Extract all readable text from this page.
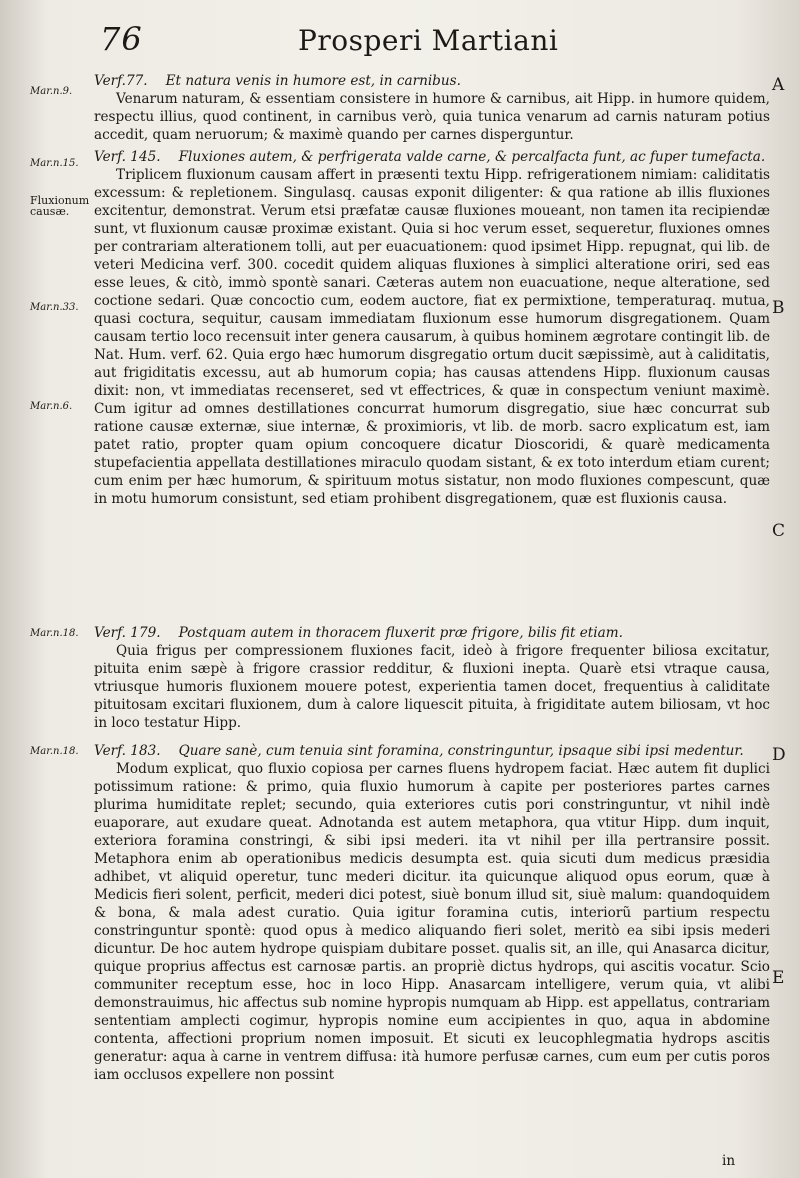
76	Prosperi Martiani
Mar.n.9.
Mar.n.15.
Fluxionum causæ.
Mar.n.33.
Mar.n.6.
Mar.n.18.
Mar.n.18.
A
B
C
D
E
Verf.77. Et natura venis in humore est, in carnibus.

Venarum naturam, & essentiam consistere in humore & carnibus, ait Hipp. in humore quidem, respectu illius, quod continent, in carnibus verò, quia tunica venarum ad carnis naturam potius accedit, quam neruorum; & maximè quando per carnes disperguntur.

Verf. 145. Fluxiones autem, & perfrigerata valde carne, & percalfacta funt, ac fuper tumefacta.

Triplicem fluxionum causam affert in præsenti textu Hipp. refrigerationem nimiam: caliditatis excessum: & repletionem. Singulasq. causas exponit diligenter: & qua ratione ab illis fluxiones excitentur, demonstrat. Verum etsi præfatæ causæ fluxiones moueant, non tamen ita recipiendæ sunt, vt fluxionum causæ proximæ existant. Quia si hoc verum esset, sequeretur, fluxiones omnes per contrariam alterationem tolli, aut per euacuationem: quod ipsimet Hipp. repugnat, qui lib. de veteri Medicina verf. 300. cocedit quidem aliquas fluxiones à simplici alteratione oriri, sed eas esse leues, & citò, immò spontè sanari. Cæteras autem non euacuatione, neque alteratione, sed coctione sedari. Quæ concoctio cum, eodem auctore, fiat ex permixtione, temperaturaq. mutua, quasi coctura, sequitur, causam immediatam fluxionum esse humorum disgregationem. Quam causam tertio loco recensuit inter genera causarum, à quibus hominem ægrotare contingit lib. de Nat. Hum. verf. 62. Quia ergo hæc humorum disgregatio ortum ducit sæpissimè, aut à caliditatis, aut frigiditatis excessu, aut ab humorum copia; has causas attendens Hipp. fluxionum causas dixit: non, vt immediatas recenseret, sed vt effectrices, & quæ in conspectum veniunt maximè. Cum igitur ad omnes destillationes concurrat humorum disgregatio, siue hæc concurrat sub ratione causæ externæ, siue internæ, & proximioris, vt lib. de morb. sacro explicatum est, iam patet ratio, propter quam opium concoquere dicatur Dioscoridi, & quarè medicamenta stupefacientia appellata destillationes miraculo quodam sistant, & ex toto interdum etiam curent; cum enim per hæc humorum, & spirituum motus sistatur, non modo fluxiones compescunt, quæ in motu humorum consistunt, sed etiam prohibent disgregationem, quæ est fluxionis causa.

Verf. 179. Postquam autem in thoracem fluxerit præ frigore, bilis fit etiam.

Quia frigus per compressionem fluxiones facit, ideò à frigore frequenter biliosa excitatur, pituita enim sæpè à frigore crassior redditur, & fluxioni inepta. Quarè etsi vtraque causa, vtriusque humoris fluxionem mouere potest, experientia tamen docet, frequentius à caliditate pituitosam excitari fluxionem, dum à calore liquescit pituita, à frigiditate autem biliosam, vt hoc in loco testatur Hipp.

Verf. 183. Quare sanè, cum tenuia sint foramina, constringuntur, ipsaque sibi ipsi medentur.

Modum explicat, quo fluxio copiosa per carnes fluens hydropem faciat. Hæc autem fit duplici potissimum ratione: & primo, quia fluxio humorum à capite per posteriores partes carnes plurima humiditate replet; secundo, quia exteriores cutis pori constringuntur, vt nihil indè euaporare, aut exudare queat. Adnotanda est autem metaphora, qua vtitur Hipp. dum inquit, exteriora foramina constringi, & sibi ipsi mederi. ita vt nihil per illa pertransire possit. Metaphora enim ab operationibus medicis desumpta est. quia sicuti dum medicus præsidia adhibet, vt aliquid operetur, tunc mederi dicitur. ita quicunque aliquod opus eorum, quæ à Medicis fieri solent, perficit, mederi dici potest, siuè bonum illud sit, siuè malum: quandoquidem & bona, & mala adest curatio. Quia igitur foramina cutis, interiorũ partium respectu constringuntur spontè: quod opus à medico aliquando fieri solet, meritò ea sibi ipsis mederi dicuntur. De hoc autem hydrope quispiam dubitare posset. qualis sit, an ille, qui Anasarca dicitur, quique proprius affectus est carnosæ partis. an propriè dictus hydrops, qui ascitis vocatur. Scio communiter receptum esse, hoc in loco Hipp. Anasarcam intelligere, verum quia, vt alibi demonstrauimus, hic affectus sub nomine hypropis numquam ab Hipp. est appellatus, contrariam sententiam amplecti cogimur, hypropis nomine eum accipientes in quo, aqua in abdomine contenta, affectioni proprium nomen imposuit. Et sicuti ex leucophlegmatia hydrops ascitis generatur: aqua à carne in ventrem diffusa: ità humore perfusæ carnes, cum eum per cutis poros iam occlusos expellere non possint

in
